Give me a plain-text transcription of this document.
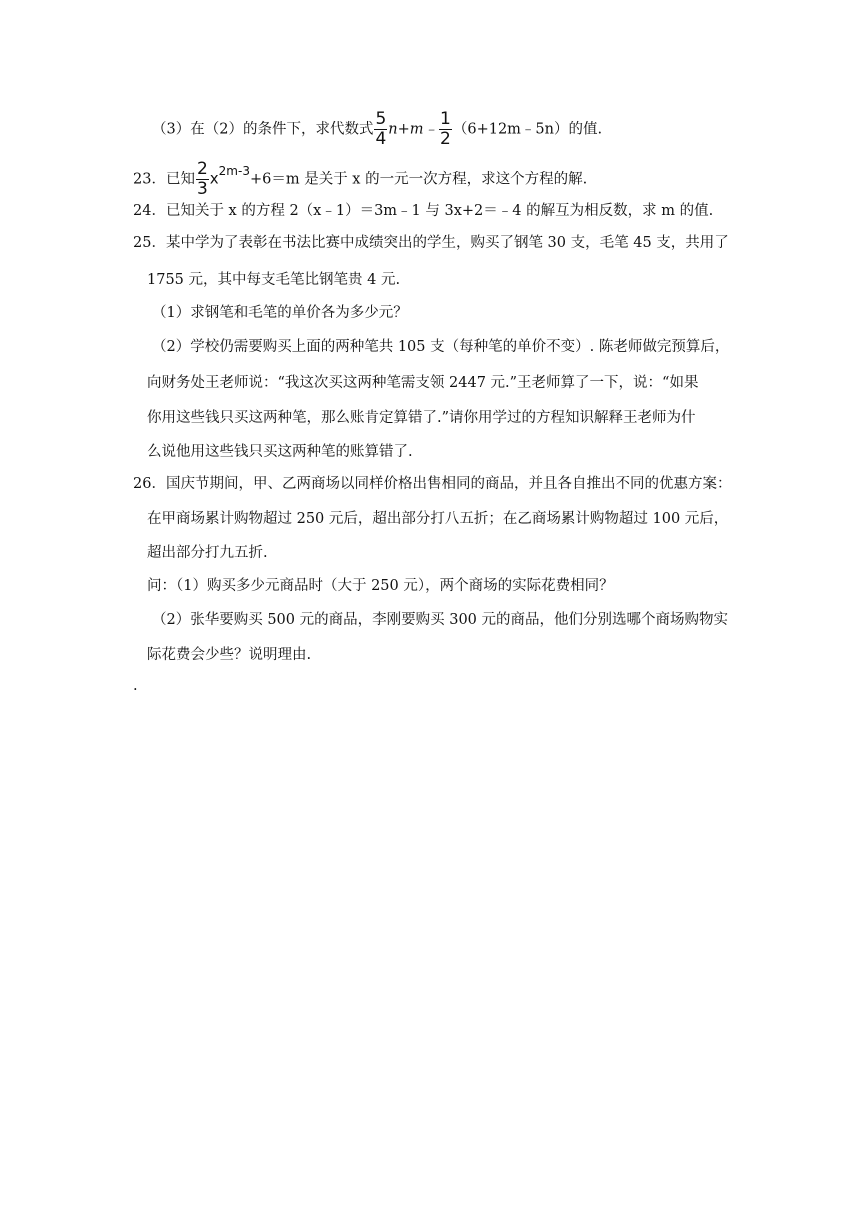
（3）在（2）的条件下，求代数式 $\frac{5}{4}$ n+m﹣ $\frac{1}{2}$ （6+12m﹣5n）的值.
23．已知 $\frac{2}{3} x^{2m-3}+6=m$ 是关于 x 的一元一次方程，求这个方程的解.
24．已知关于 x 的方程 2（x﹣1）＝3m﹣1 与 3x+2＝﹣4 的解互为相反数，求 m 的值.
25．某中学为了表彰在书法比赛中成绩突出的学生，购买了钢笔 30 支，毛笔 45 支，共用了
1755 元，其中每支毛笔比钢笔贵 4 元.
（1）求钢笔和毛笔的单价各为多少元？
（2）学校仍需要购买上面的两种笔共 105 支（每种笔的单价不变）. 陈老师做完预算后，
向财务处王老师说：“我这次买这两种笔需支领 2447 元.”王老师算了一下，说：“如果
你用这些钱只买这两种笔，那么账肯定算错了.”请你用学过的方程知识解释王老师为什
么说他用这些钱只买这两种笔的账算错了.
26．国庆节期间，甲、乙两商场以同样价格出售相同的商品，并且各自推出不同的优惠方案：
在甲商场累计购物超过 250 元后，超出部分打八五折；在乙商场累计购物超过 100 元后，
超出部分打九五折.
问：（1）购买多少元商品时（大于 250 元），两个商场的实际花费相同？
（2）张华要购买 500 元的商品，李刚要购买 300 元的商品，他们分别选哪个商场购物实
际花费会少些？说明理由.
.
